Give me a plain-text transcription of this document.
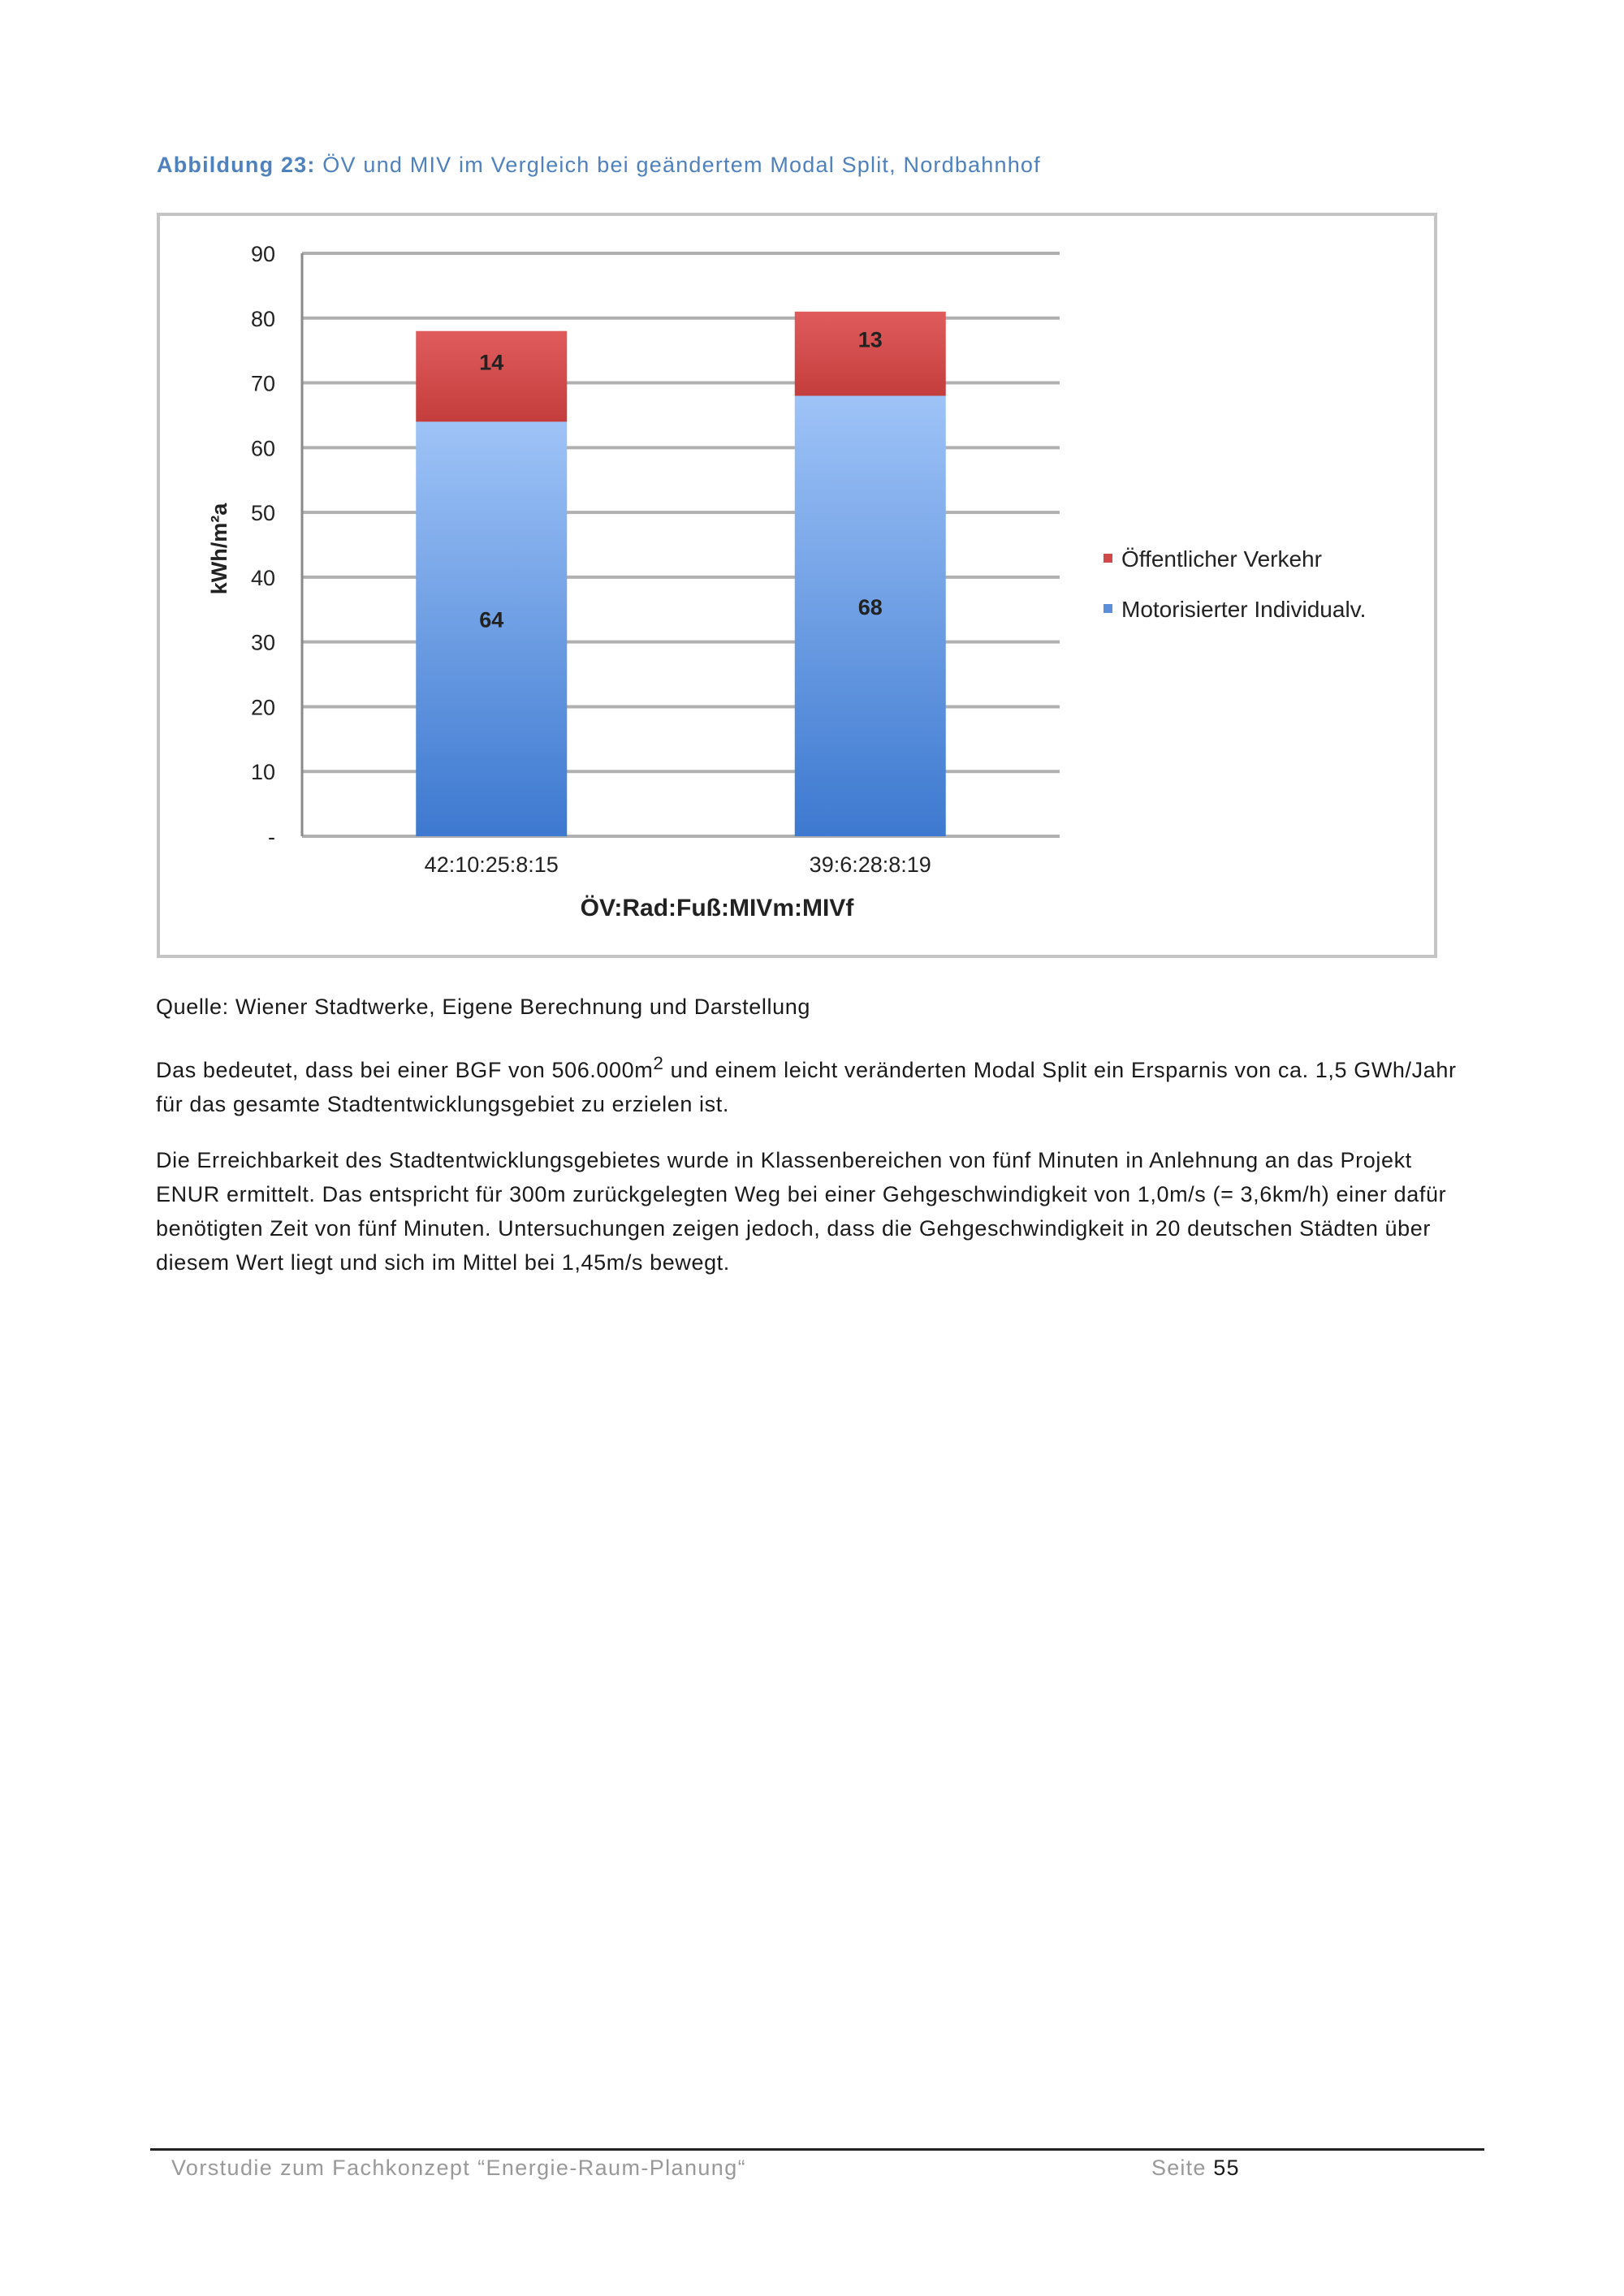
Abbildung 23: ÖV und MIV im Vergleich bei geändertem Modal Split, Nordbahnhof
64
14
68
13
-
10
20
30
40
50
60
70
80
90
42:10:25:8:15	39:6:28:8:19
kWh/m²a
ÖV:Rad:Fuß:MIVm:MIVf
Öffentlicher Verkehr
Motorisierter Individualv.

Quelle: Wiener Stadtwerke, Eigene Berechnung und Darstellung

Das bedeutet, dass bei einer BGF von $506.000m^2$ und einem leicht veränderten Modal Split ein Ersparnis von ca. 1,5 GWh/Jahr für das gesamte Stadtentwicklungsgebiet zu erzielen ist.

Die Erreichbarkeit des Stadtentwicklungsgebietes wurde in Klassenbereichen von fünf Minuten in Anlehnung an das Projekt ENUR ermittelt. Das entspricht für 300m zurückgelegten Weg bei einer Gehgeschwindigkeit von 1,0m/s (= 3,6km/h) einer dafür benötigten Zeit von fünf Minuten. Untersuchungen zeigen jedoch, dass die Gehgeschwindigkeit in 20 deutschen Städten über diesem Wert liegt und sich im Mittel bei 1,45m/s bewegt.

Vorstudie zum Fachkonzept “Energie-Raum-Planung“	Seite 55
